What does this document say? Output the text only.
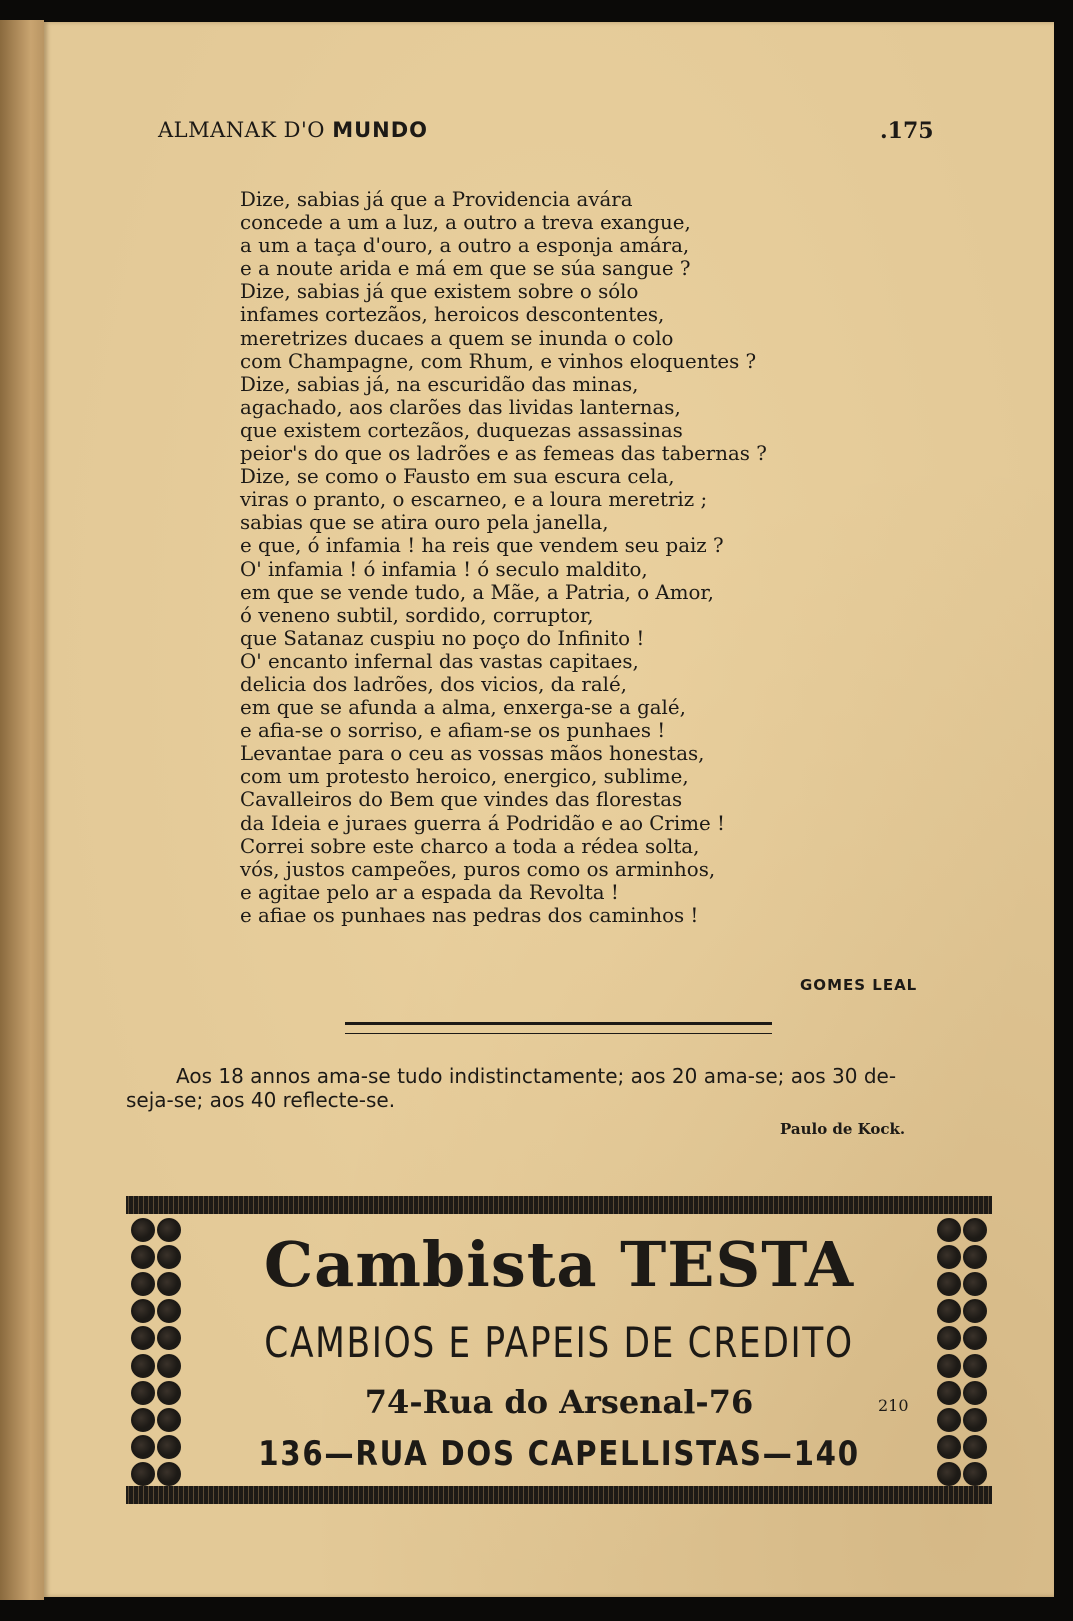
ALMANAK D'O MUNDO	.175
Dize, sabias já que a Providencia avára
concede a um a luz, a outro a treva exangue,
a um a taça d'ouro, a outro a esponja amára,
e a noute arida e má em que se súa sangue ?
Dize, sabias já que existem sobre o sólo
infames cortezãos, heroicos descontentes,
meretrizes ducaes a quem se inunda o colo
com Champagne, com Rhum, e vinhos eloquentes ?
Dize, sabias já, na escuridão das minas,
agachado, aos clarões das lividas lanternas,
que existem cortezãos, duquezas assassinas
peior's do que os ladrões e as femeas das tabernas ?
Dize, se como o Fausto em sua escura cela,
viras o pranto, o escarneo, e a loura meretriz ;
sabias que se atira ouro pela janella,
e que, ó infamia ! ha reis que vendem seu paiz ?
O' infamia ! ó infamia ! ó seculo maldito,
em que se vende tudo, a Mãe, a Patria, o Amor,
ó veneno subtil, sordido, corruptor,
que Satanaz cuspiu no poço do Infinito !
O' encanto infernal das vastas capitaes,
delicia dos ladrões, dos vicios, da ralé,
em que se afunda a alma, enxerga-se a galé,
e afia-se o sorriso, e afiam-se os punhaes !
Levantae para o ceu as vossas mãos honestas,
com um protesto heroico, energico, sublime,
Cavalleiros do Bem que vindes das florestas
da Ideia e juraes guerra á Podridão e ao Crime !
Correi sobre este charco a toda a rédea solta,
vós, justos campeões, puros como os arminhos,
e agitae pelo ar a espada da Revolta !
e afiae os punhaes nas pedras dos caminhos !
GOMES LEAL
Aos 18 annos ama-se tudo indistinctamente; aos 20 ama-se; aos 30 de-
seja-se; aos 40 reflecte-se.
Paulo de Kock.
Cambista TESTA
CAMBIOS E PAPEIS DE CREDITO
74-Rua do Arsenal-76	210
136—RUA DOS CAPELLISTAS—140
